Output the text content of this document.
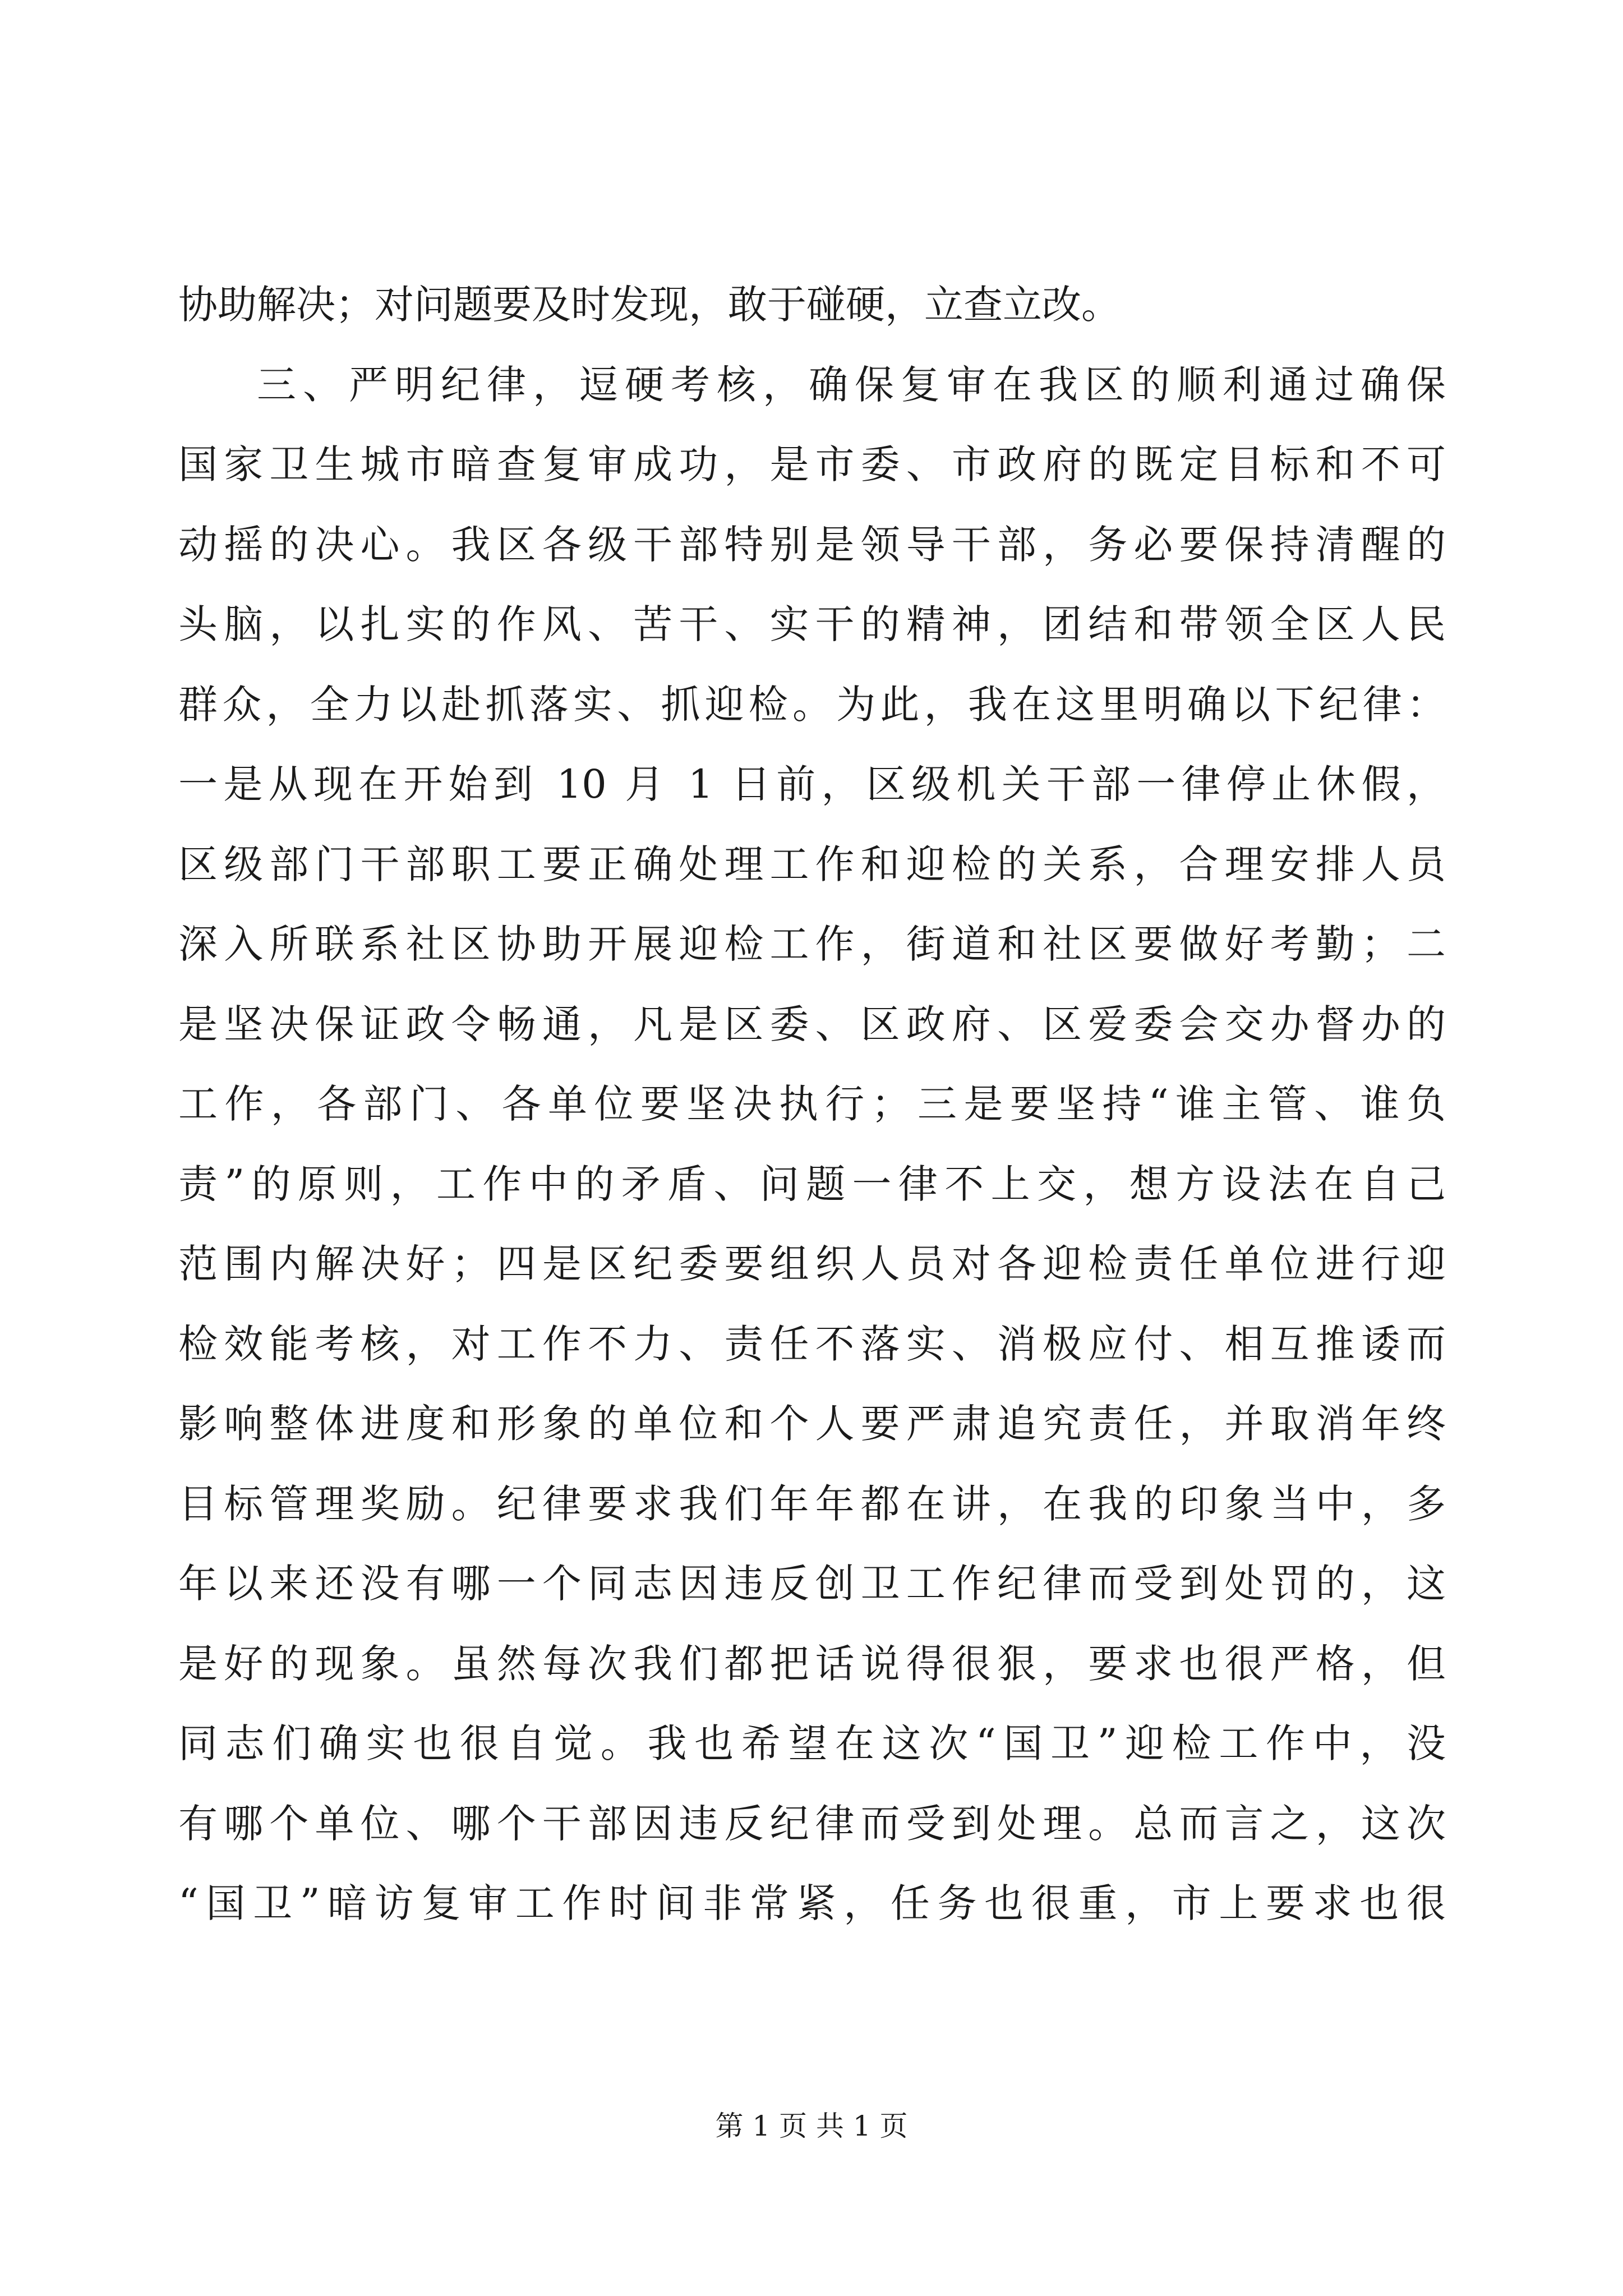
协助解决；对问题要及时发现，敢于碰硬，立查立改。
三、严明纪律，逗硬考核，确保复审在我区的顺利通过确保
国家卫生城市暗查复审成功，是市委、市政府的既定目标和不可
动摇的决心。我区各级干部特别是领导干部，务必要保持清醒的
头脑，以扎实的作风、苦干、实干的精神，团结和带领全区人民
群众，全力以赴抓落实、抓迎检。为此，我在这里明确以下纪律：
一是从现在开始到 10 月 1 日前，区级机关干部一律停止休假，
区级部门干部职工要正确处理工作和迎检的关系，合理安排人员
深入所联系社区协助开展迎检工作，街道和社区要做好考勤；二
是坚决保证政令畅通，凡是区委、区政府、区爱委会交办督办的
工作，各部门、各单位要坚决执行；三是要坚持“谁主管、谁负
责”的原则，工作中的矛盾、问题一律不上交，想方设法在自己
范围内解决好；四是区纪委要组织人员对各迎检责任单位进行迎
检效能考核，对工作不力、责任不落实、消极应付、相互推诿而
影响整体进度和形象的单位和个人要严肃追究责任，并取消年终
目标管理奖励。纪律要求我们年年都在讲，在我的印象当中，多
年以来还没有哪一个同志因违反创卫工作纪律而受到处罚的，这
是好的现象。虽然每次我们都把话说得很狠，要求也很严格，但
同志们确实也很自觉。我也希望在这次“国卫”迎检工作中，没
有哪个单位、哪个干部因违反纪律而受到处理。总而言之，这次
“国卫”暗访复审工作时间非常紧，任务也很重，市上要求也很
第 1 页 共 1 页
